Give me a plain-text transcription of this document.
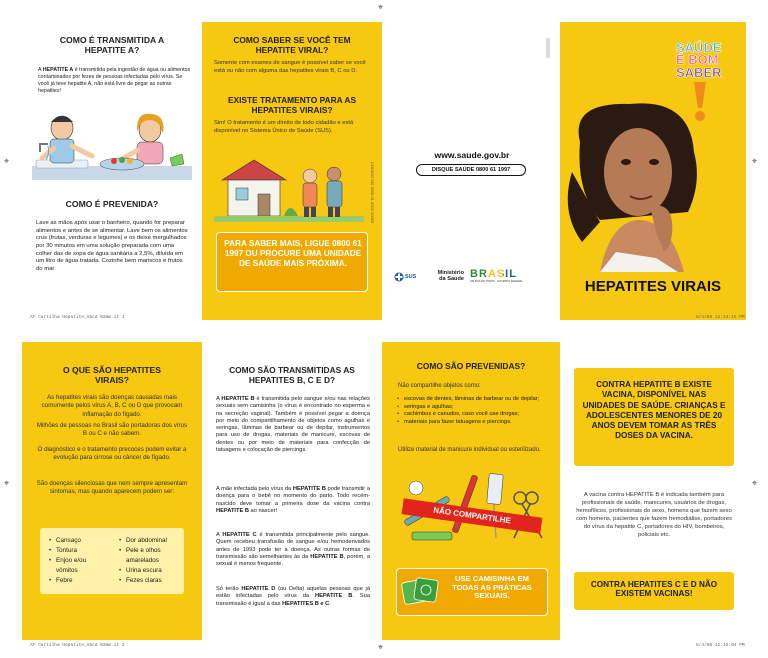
COMO É TRANSMITIDA A HEPATITE A?
A HEPATITE A é transmitida pela ingestão de água ou alimentos contaminados por fezes de pessoas infectadas pelo vírus. Se você já teve hepatite A, não está livre de pegar as outras hepatites!
COMO É PREVENIDA?
Lave as mãos após usar o banheiro, quando for preparar alimentos e antes de se alimentar. Lave bem os alimentos crus (frutas, verduras e legumes) e os deixe mergulhados por 30 minutos em uma solução preparada com uma colher das de sopa de água sanitária a 2,5%, diluída em um litro de água tratada. Cozinhe bem mariscos e frutos do mar.
AF Cartilha Hepatite_A5cd 02mm.it 1
COMO SABER SE VOCÊ TEM HEPATITE VIRAL?
Somente com exames de sangue é possível saber se você está ou não com alguma das hepatites virais B, C ou D.
EXISTE TRATAMENTO PARA AS HEPATITES VIRAIS?
Sim! O tratamento é um direito de todo cidadão e está disponível no Sistema Único de Saúde (SUS).
CODIGO MS 2008 01 0001 00000
PARA SABER MAIS, LIGUE 0800 61 1997 OU PROCURE UMA UNIDADE DE SAÚDE MAIS PRÓXIMA.
www.saude.gov.br
DISQUE SAÚDE 0800 61 1997
SUS
Ministério da Saúde BRASIL
UM PAÍS DE TODOS · GOVERNO FEDERAL
SAÚDE
É BOM
SABER
HEPATITES VIRAIS
8/4/08 12:14:15 PM
⌖	⌖
⌖	⌖
⌖
⌖
O QUE SÃO HEPATITES VIRAIS?
As hepatites virais são doenças causadas mais comumente pelos vírus A, B, C ou D que provocam inflamação do fígado.
Milhões de pessoas no Brasil são portadoras dos vírus B ou C e não sabem.
O diagnóstico e o tratamento precoces podem evitar a evolução para cirrose ou câncer de fígado.
São doenças silenciosas que nem sempre apresentam sintomas, mas quando aparecem podem ser:
• Cansaço
• Tontura
• Enjoo e/ou vômitos
• Febre
• Dor abdominal
• Pele e olhos amarelados
• Urina escura
• Fezes claras
AF Cartilha Hepatite_A5cd 02mm.it 2
COMO SÃO TRANSMITIDAS AS HEPATITES B, C E D?
A HEPATITE B é transmitida pelo sangue e/ou nas relações sexuais sem camisinha (o vírus é encontrado no esperma e na secreção vaginal). Também é possível pegar a doença por meio do compartilhamento de objetos como agulhas e seringas, lâminas de barbear ou de depilar, instrumentos para uso de drogas, materiais de manicure, escovas de dentes ou por meio de materiais para confecção de tatuagens e colocação de piercings.
A mãe infectada pelo vírus da HEPATITE B pode transmitir a doença para o bebê no momento do parto. Todo recém-nascido deve tomar a primeira dose da vacina contra HEPATITE B ao nascer!
A HEPATITE C é transmitida principalmente pelo sangue. Quem recebeu transfusão de sangue e/ou hemoderivados antes de 1993 pode ter a doença. As outras formas de transmissão são semelhantes às da HEPATITE B, porém, a sexual é menos frequente.
Só terão HEPATITE D (ou Delta) aquelas pessoas que já estão infectadas pelo vírus da HEPATITE B. Sua transmissão é igual a das HEPATITES B e C.
COMO SÃO PREVENIDAS?
Não compartilhe objetos como:
• escovas de dentes, lâminas de barbear ou de depilar;
• seringas e agulhas;
• cachimbos e canudos, caso você use drogas;
• materiais para fazer tatuagens e piercings.
Utilize material de manicure individual ou esterilizado.
NÃO COMPARTILHE
USE CAMISINHA EM TODAS AS PRÁTICAS SEXUAIS.
CONTRA HEPATITE B EXISTE VACINA, DISPONÍVEL NAS UNIDADES DE SAÚDE. CRIANÇAS E ADOLESCENTES MENORES DE 20 ANOS DEVEM TOMAR AS TRÊS DOSES DA VACINA.
A vacina contra HEPATITE B é indicada também para profissionais de saúde, manicures, usuários de drogas, hemofílicos, profissionais do sexo, homens que fazem sexo com homens, pacientes que fazem hemodiálise, portadores do vírus da hepatite C, portadores do HIV, bombeiros, policiais etc.
CONTRA HEPATITES C E D NÃO EXISTEM VACINAS!
8/4/08 12:15:04 PM
